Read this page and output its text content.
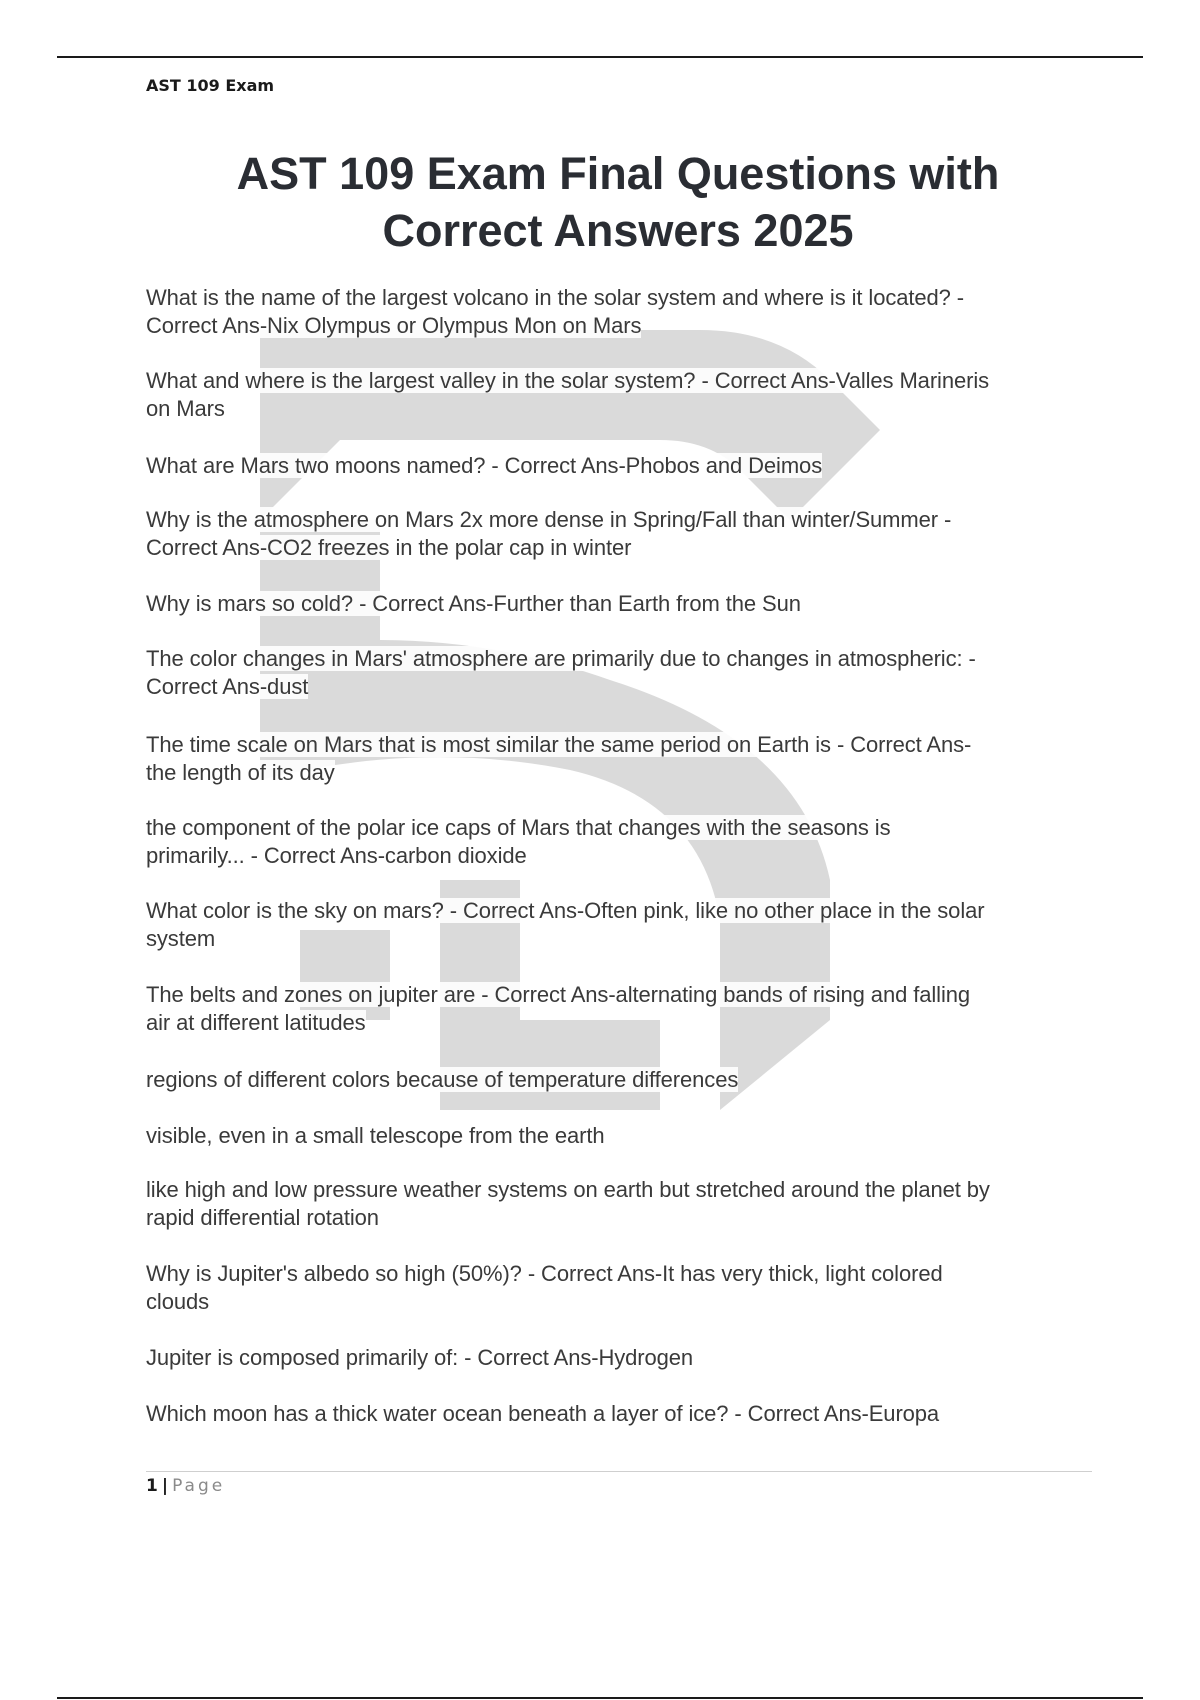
AST 109 Exam
AST 109 Exam Final Questions with
Correct Answers 2025
What is the name of the largest volcano in the solar system and where is it located? -
Correct Ans-Nix Olympus or Olympus Mon on Mars
What and where is the largest valley in the solar system? - Correct Ans-Valles Marineris
on Mars
What are Mars two moons named? - Correct Ans-Phobos and Deimos
Why is the atmosphere on Mars 2x more dense in Spring/Fall than winter/Summer -
Correct Ans-CO2 freezes in the polar cap in winter
Why is mars so cold? - Correct Ans-Further than Earth from the Sun
The color changes in Mars' atmosphere are primarily due to changes in atmospheric: -
Correct Ans-dust
The time scale on Mars that is most similar the same period on Earth is - Correct Ans-
the length of its day
the component of the polar ice caps of Mars that changes with the seasons is
primarily... - Correct Ans-carbon dioxide
What color is the sky on mars? - Correct Ans-Often pink, like no other place in the solar
system
The belts and zones on jupiter are - Correct Ans-alternating bands of rising and falling
air at different latitudes
regions of different colors because of temperature differences
visible, even in a small telescope from the earth
like high and low pressure weather systems on earth but stretched around the planet by
rapid differential rotation
Why is Jupiter's albedo so high (50%)? - Correct Ans-It has very thick, light colored
clouds
Jupiter is composed primarily of: - Correct Ans-Hydrogen
Which moon has a thick water ocean beneath a layer of ice? - Correct Ans-Europa
1 | Page
